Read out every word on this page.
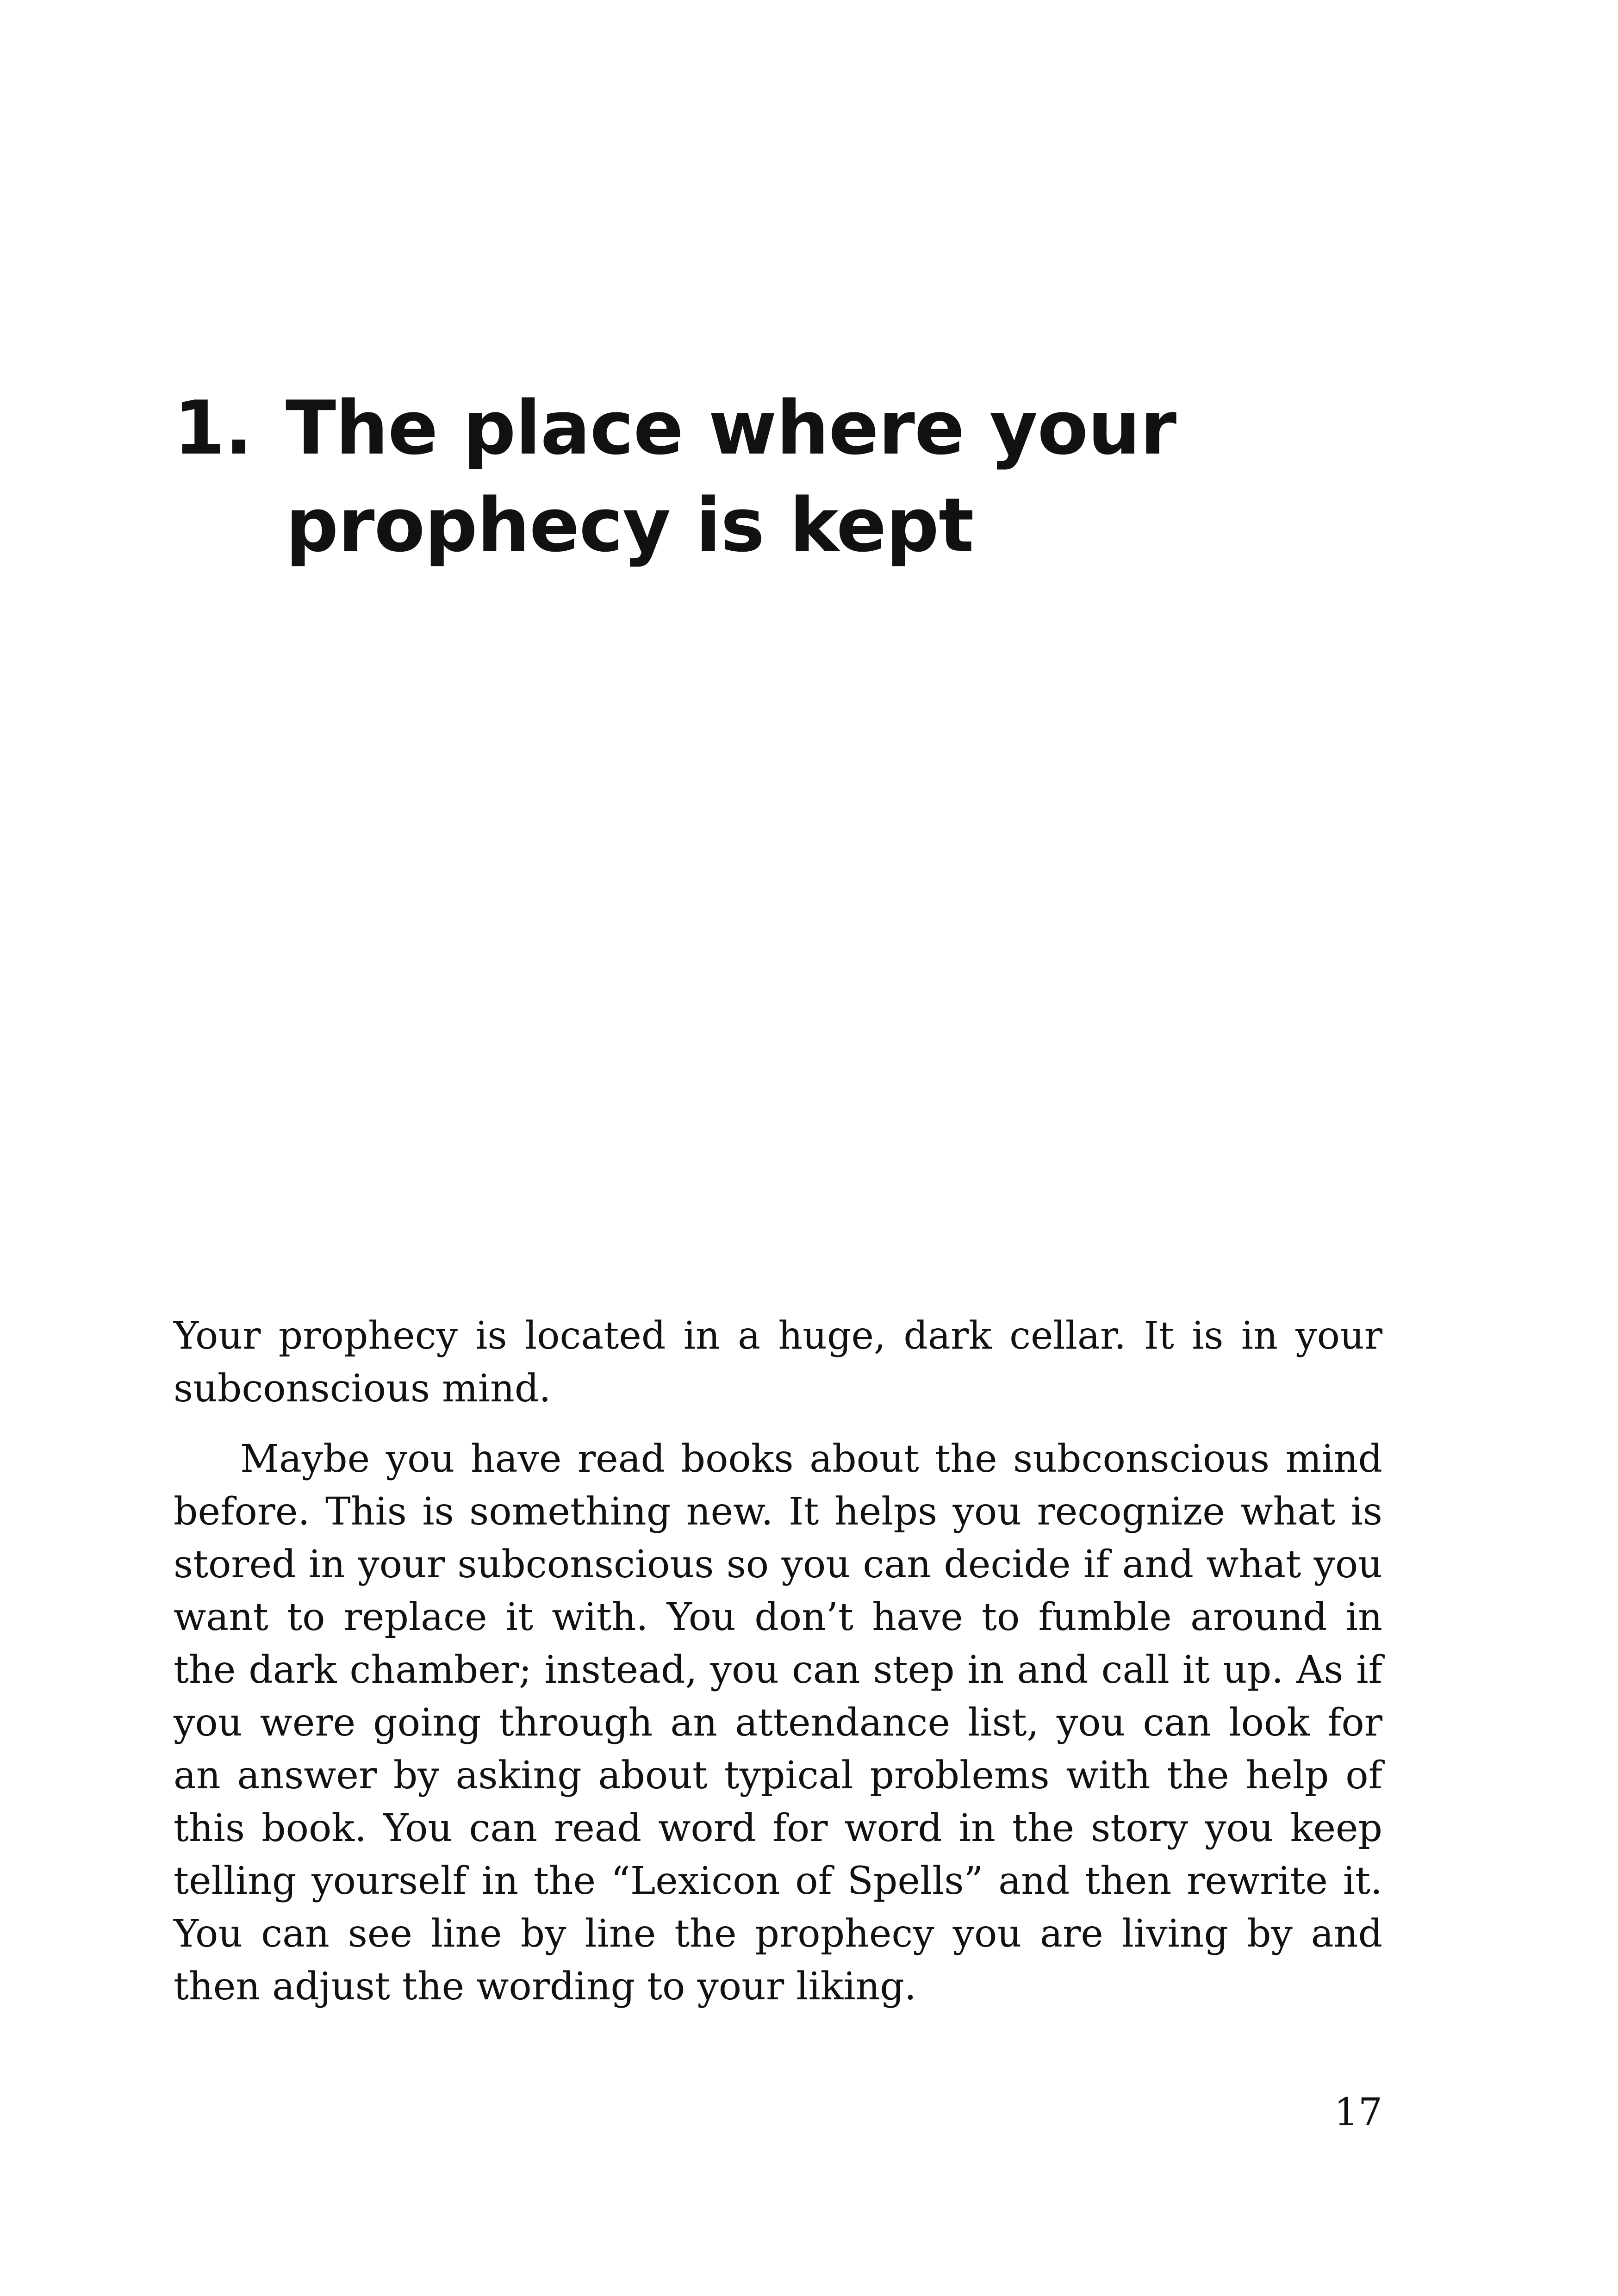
1. The place where your prophecy is kept

Your prophecy is located in a huge, dark cellar. It is in your subconscious mind.

Maybe you have read books about the subconscious mind before. This is something new. It helps you recognize what is stored in your subconscious so you can decide if and what you want to replace it with. You don’t have to fumble around in the dark chamber; instead, you can step in and call it up. As if you were going through an attendance list, you can look for an answer by asking about typical problems with the help of this book. You can read word for word in the story you keep telling yourself in the “Lexicon of Spells” and then rewrite it. You can see line by line the prophecy you are living by and then adjust the wording to your liking.

17
